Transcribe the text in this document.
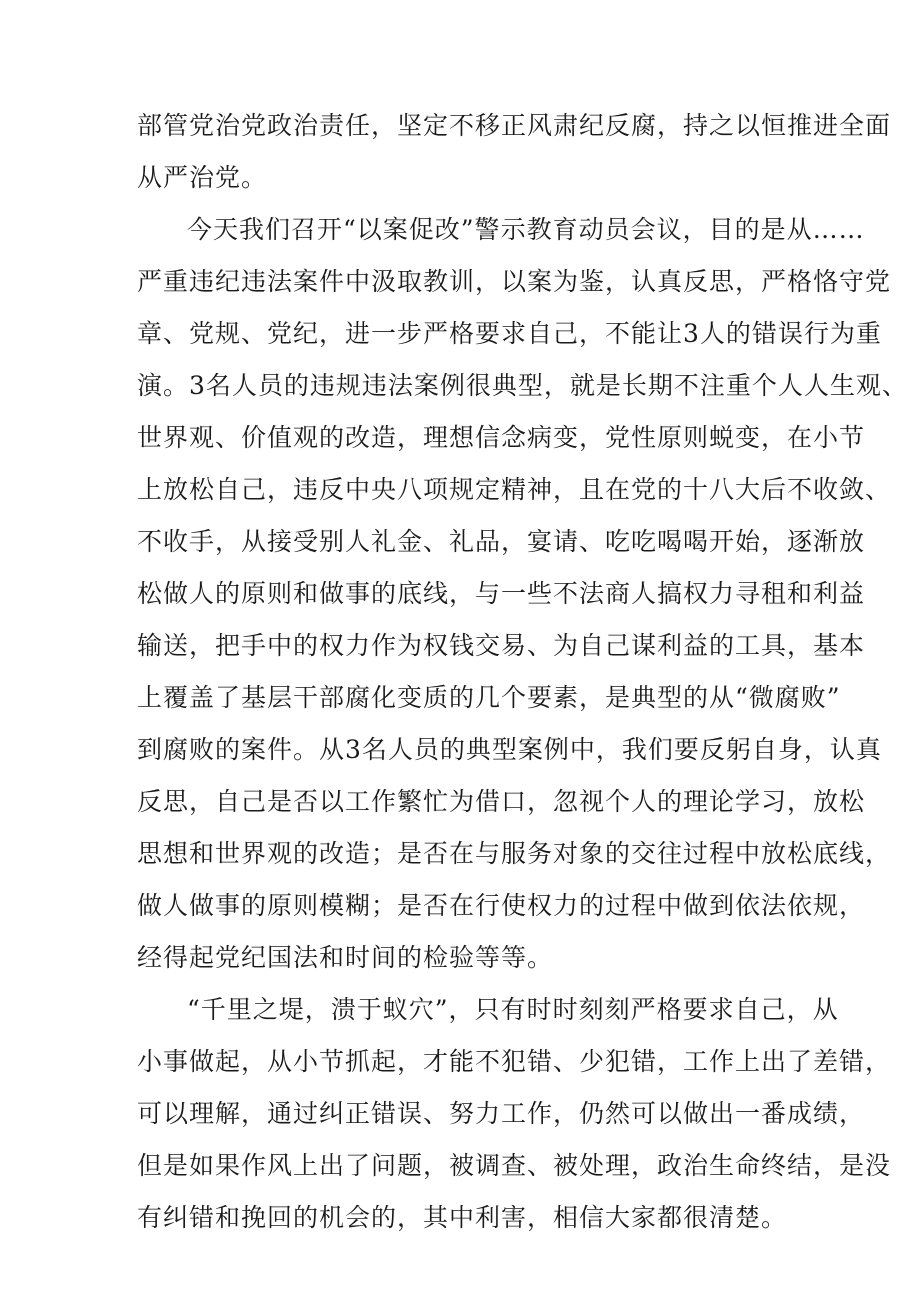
部管党治党政治责任，坚定不移正风肃纪反腐，持之以恒推进全面
从严治党。
今天我们召开“以案促改”警示教育动员会议，目的是从……
严重违纪违法案件中汲取教训，以案为鉴，认真反思，严格恪守党
章、党规、党纪，进一步严格要求自己，不能让3人的错误行为重
演。3名人员的违规违法案例很典型，就是长期不注重个人人生观、
世界观、价值观的改造，理想信念病变，党性原则蜕变，在小节
上放松自己，违反中央八项规定精神，且在党的十八大后不收敛、
不收手，从接受别人礼金、礼品，宴请、吃吃喝喝开始，逐渐放
松做人的原则和做事的底线，与一些不法商人搞权力寻租和利益
输送，把手中的权力作为权钱交易、为自己谋利益的工具，基本
上覆盖了基层干部腐化变质的几个要素，是典型的从“微腐败”
到腐败的案件。从3名人员的典型案例中，我们要反躬自身，认真
反思，自己是否以工作繁忙为借口，忽视个人的理论学习，放松
思想和世界观的改造；是否在与服务对象的交往过程中放松底线，
做人做事的原则模糊；是否在行使权力的过程中做到依法依规，
经得起党纪国法和时间的检验等等。
“千里之堤，溃于蚁穴”，只有时时刻刻严格要求自己，从
小事做起，从小节抓起，才能不犯错、少犯错，工作上出了差错，
可以理解，通过纠正错误、努力工作，仍然可以做出一番成绩，
但是如果作风上出了问题，被调查、被处理，政治生命终结，是没
有纠错和挽回的机会的，其中利害，相信大家都很清楚。
